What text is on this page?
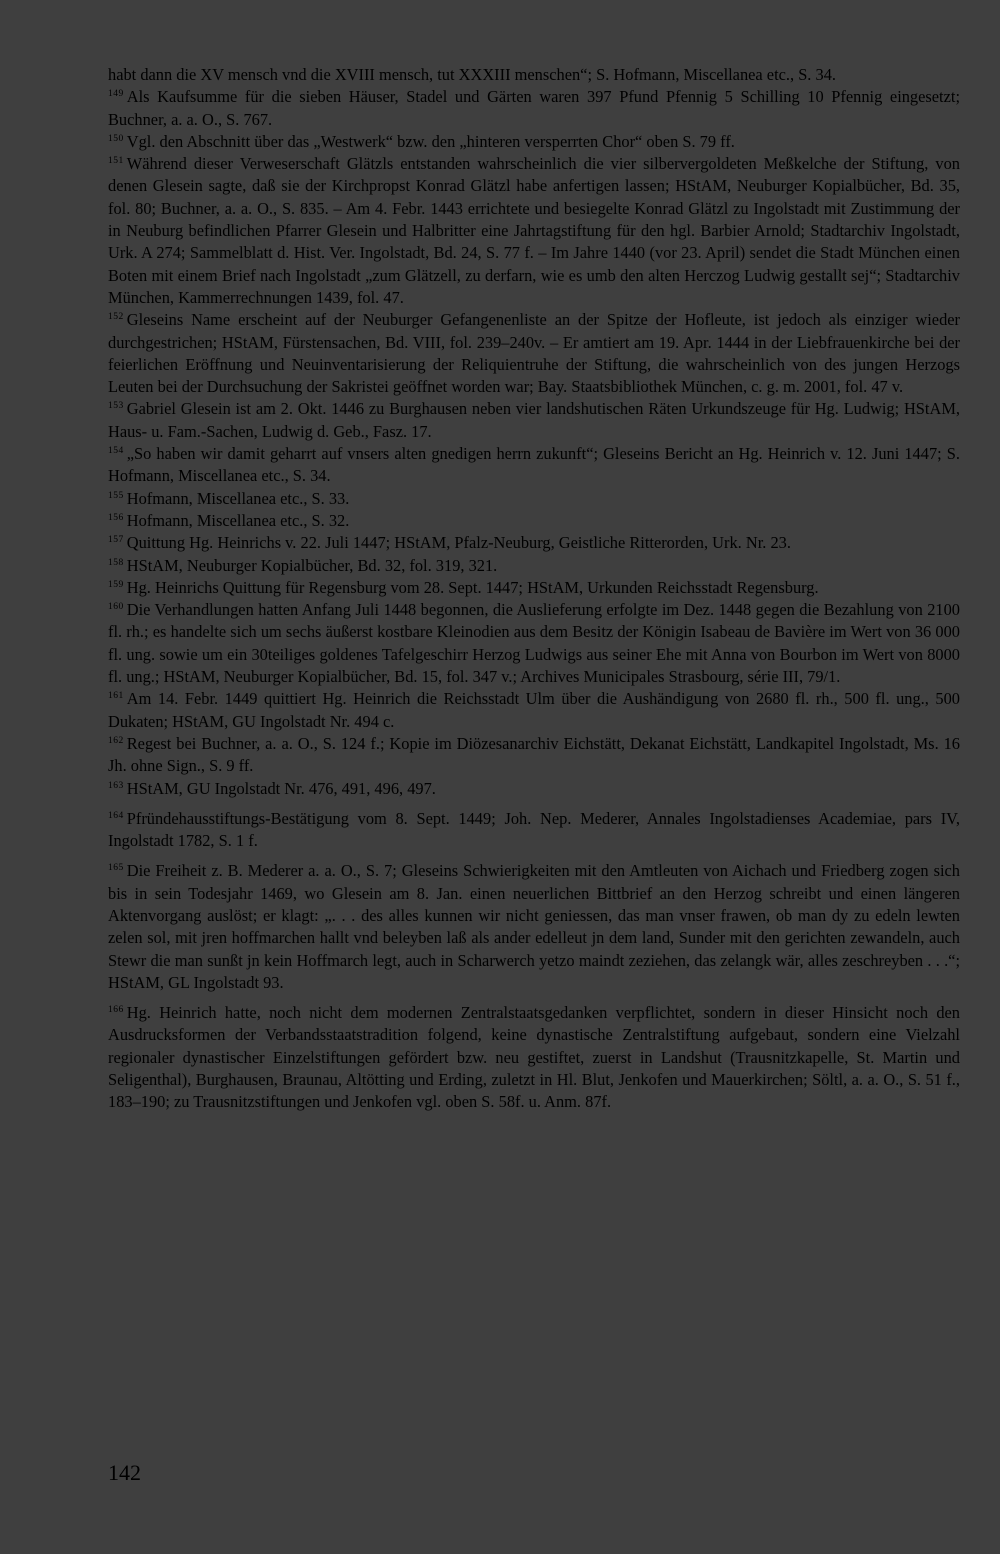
habt dann die XV mensch vnd die XVIII mensch, tut XXXIII menschen“; S. Hofmann, Miscellanea etc., S. 34.

$^{149}$ Als Kaufsumme für die sieben Häuser, Stadel und Gärten waren 397 Pfund Pfennig 5 Schilling 10 Pfennig eingesetzt; Buchner, a. a. O., S. 767.

$^{150}$ Vgl. den Abschnitt über das „Westwerk“ bzw. den „hinteren versperrten Chor“ oben S. 79 ff.

$^{151}$ Während dieser Verweserschaft Glätzls entstanden wahrscheinlich die vier silbervergoldeten Meßkelche der Stiftung, von denen Glesein sagte, daß sie der Kirchpropst Konrad Glätzl habe anfertigen lassen; HStAM, Neuburger Kopialbücher, Bd. 35, fol. 80; Buchner, a. a. O., S. 835. – Am 4. Febr. 1443 errichtete und besiegelte Konrad Glätzl zu Ingolstadt mit Zustimmung der in Neuburg befindlichen Pfarrer Glesein und Halbritter eine Jahrtagstiftung für den hgl. Barbier Arnold; Stadtarchiv Ingolstadt, Urk. A 274; Sammelblatt d. Hist. Ver. Ingolstadt, Bd. 24, S. 77 f. – Im Jahre 1440 (vor 23. April) sendet die Stadt München einen Boten mit einem Brief nach Ingolstadt „zum Glätzell, zu derfarn, wie es umb den alten Herczog Ludwig gestallt sej“; Stadtarchiv München, Kammerrechnungen 1439, fol. 47.

$^{152}$ Gleseins Name erscheint auf der Neuburger Gefangenenliste an der Spitze der Hofleute, ist jedoch als einziger wieder durchgestrichen; HStAM, Fürstensachen, Bd. VIII, fol. 239–240v. – Er amtiert am 19. Apr. 1444 in der Liebfrauenkirche bei der feierlichen Eröffnung und Neuinventarisierung der Reliquientruhe der Stiftung, die wahrscheinlich von des jungen Herzogs Leuten bei der Durchsuchung der Sakristei geöffnet worden war; Bay. Staatsbibliothek München, c. g. m. 2001, fol. 47 v.

$^{153}$ Gabriel Glesein ist am 2. Okt. 1446 zu Burghausen neben vier landshutischen Räten Urkundszeuge für Hg. Ludwig; HStAM, Haus- u. Fam.-Sachen, Ludwig d. Geb., Fasz. 17.

$^{154}$ „So haben wir damit geharrt auf vnsers alten gnedigen herrn zukunft“; Gleseins Bericht an Hg. Heinrich v. 12. Juni 1447; S. Hofmann, Miscellanea etc., S. 34.

$^{155}$ Hofmann, Miscellanea etc., S. 33.

$^{156}$ Hofmann, Miscellanea etc., S. 32.

$^{157}$ Quittung Hg. Heinrichs v. 22. Juli 1447; HStAM, Pfalz-Neuburg, Geistliche Ritterorden, Urk. Nr. 23.

$^{158}$ HStAM, Neuburger Kopialbücher, Bd. 32, fol. 319, 321.

$^{159}$ Hg. Heinrichs Quittung für Regensburg vom 28. Sept. 1447; HStAM, Urkunden Reichsstadt Regensburg.

$^{160}$ Die Verhandlungen hatten Anfang Juli 1448 begonnen, die Auslieferung erfolgte im Dez. 1448 gegen die Bezahlung von 2100 fl. rh.; es handelte sich um sechs äußerst kostbare Kleinodien aus dem Besitz der Königin Isabeau de Bavière im Wert von 36 000 fl. ung. sowie um ein 30teiliges goldenes Tafelgeschirr Herzog Ludwigs aus seiner Ehe mit Anna von Bourbon im Wert von 8000 fl. ung.; HStAM, Neuburger Kopialbücher, Bd. 15, fol. 347 v.; Archives Municipales Strasbourg, série III, 79/1.

$^{161}$ Am 14. Febr. 1449 quittiert Hg. Heinrich die Reichsstadt Ulm über die Aushändigung von 2680 fl. rh., 500 fl. ung., 500 Dukaten; HStAM, GU Ingolstadt Nr. 494 c.

$^{162}$ Regest bei Buchner, a. a. O., S. 124 f.; Kopie im Diözesanarchiv Eichstätt, Dekanat Eichstätt, Landkapitel Ingolstadt, Ms. 16 Jh. ohne Sign., S. 9 ff.

$^{163}$ HStAM, GU Ingolstadt Nr. 476, 491, 496, 497.

$^{164}$ Pfründehausstiftungs-Bestätigung vom 8. Sept. 1449; Joh. Nep. Mederer, Annales Ingolstadienses Academiae, pars IV, Ingolstadt 1782, S. 1 f.

$^{165}$ Die Freiheit z. B. Mederer a. a. O., S. 7; Gleseins Schwierigkeiten mit den Amtleuten von Aichach und Friedberg zogen sich bis in sein Todesjahr 1469, wo Glesein am 8. Jan. einen neuerlichen Bittbrief an den Herzog schreibt und einen längeren Aktenvorgang auslöst; er klagt: „. . . des alles kunnen wir nicht geniessen, das man vnser frawen, ob man dy zu edeln lewten zelen sol, mit jren hoffmarchen hallt vnd beleyben laß als ander edelleut jn dem land, Sunder mit den gerichten zewandeln, auch Stewr die man sunßt jn kein Hoffmarch legt, auch in Scharwerch yetzo maindt zeziehen, das zelangk wär, alles zeschreyben . . .“; HStAM, GL Ingolstadt 93.

$^{166}$ Hg. Heinrich hatte, noch nicht dem modernen Zentralstaatsgedanken verpflichtet, sondern in dieser Hinsicht noch den Ausdrucksformen der Verbandsstaatstradition folgend, keine dynastische Zentralstiftung aufgebaut, sondern eine Vielzahl regionaler dynastischer Einzelstiftungen gefördert bzw. neu gestiftet, zuerst in Landshut (Trausnitzkapelle, St. Martin und Seligenthal), Burghausen, Braunau, Altötting und Erding, zuletzt in Hl. Blut, Jenkofen und Mauerkirchen; Söltl, a. a. O., S. 51 f., 183–190; zu Trausnitzstiftungen und Jenkofen vgl. oben S. 58f. u. Anm. 87f.

142
